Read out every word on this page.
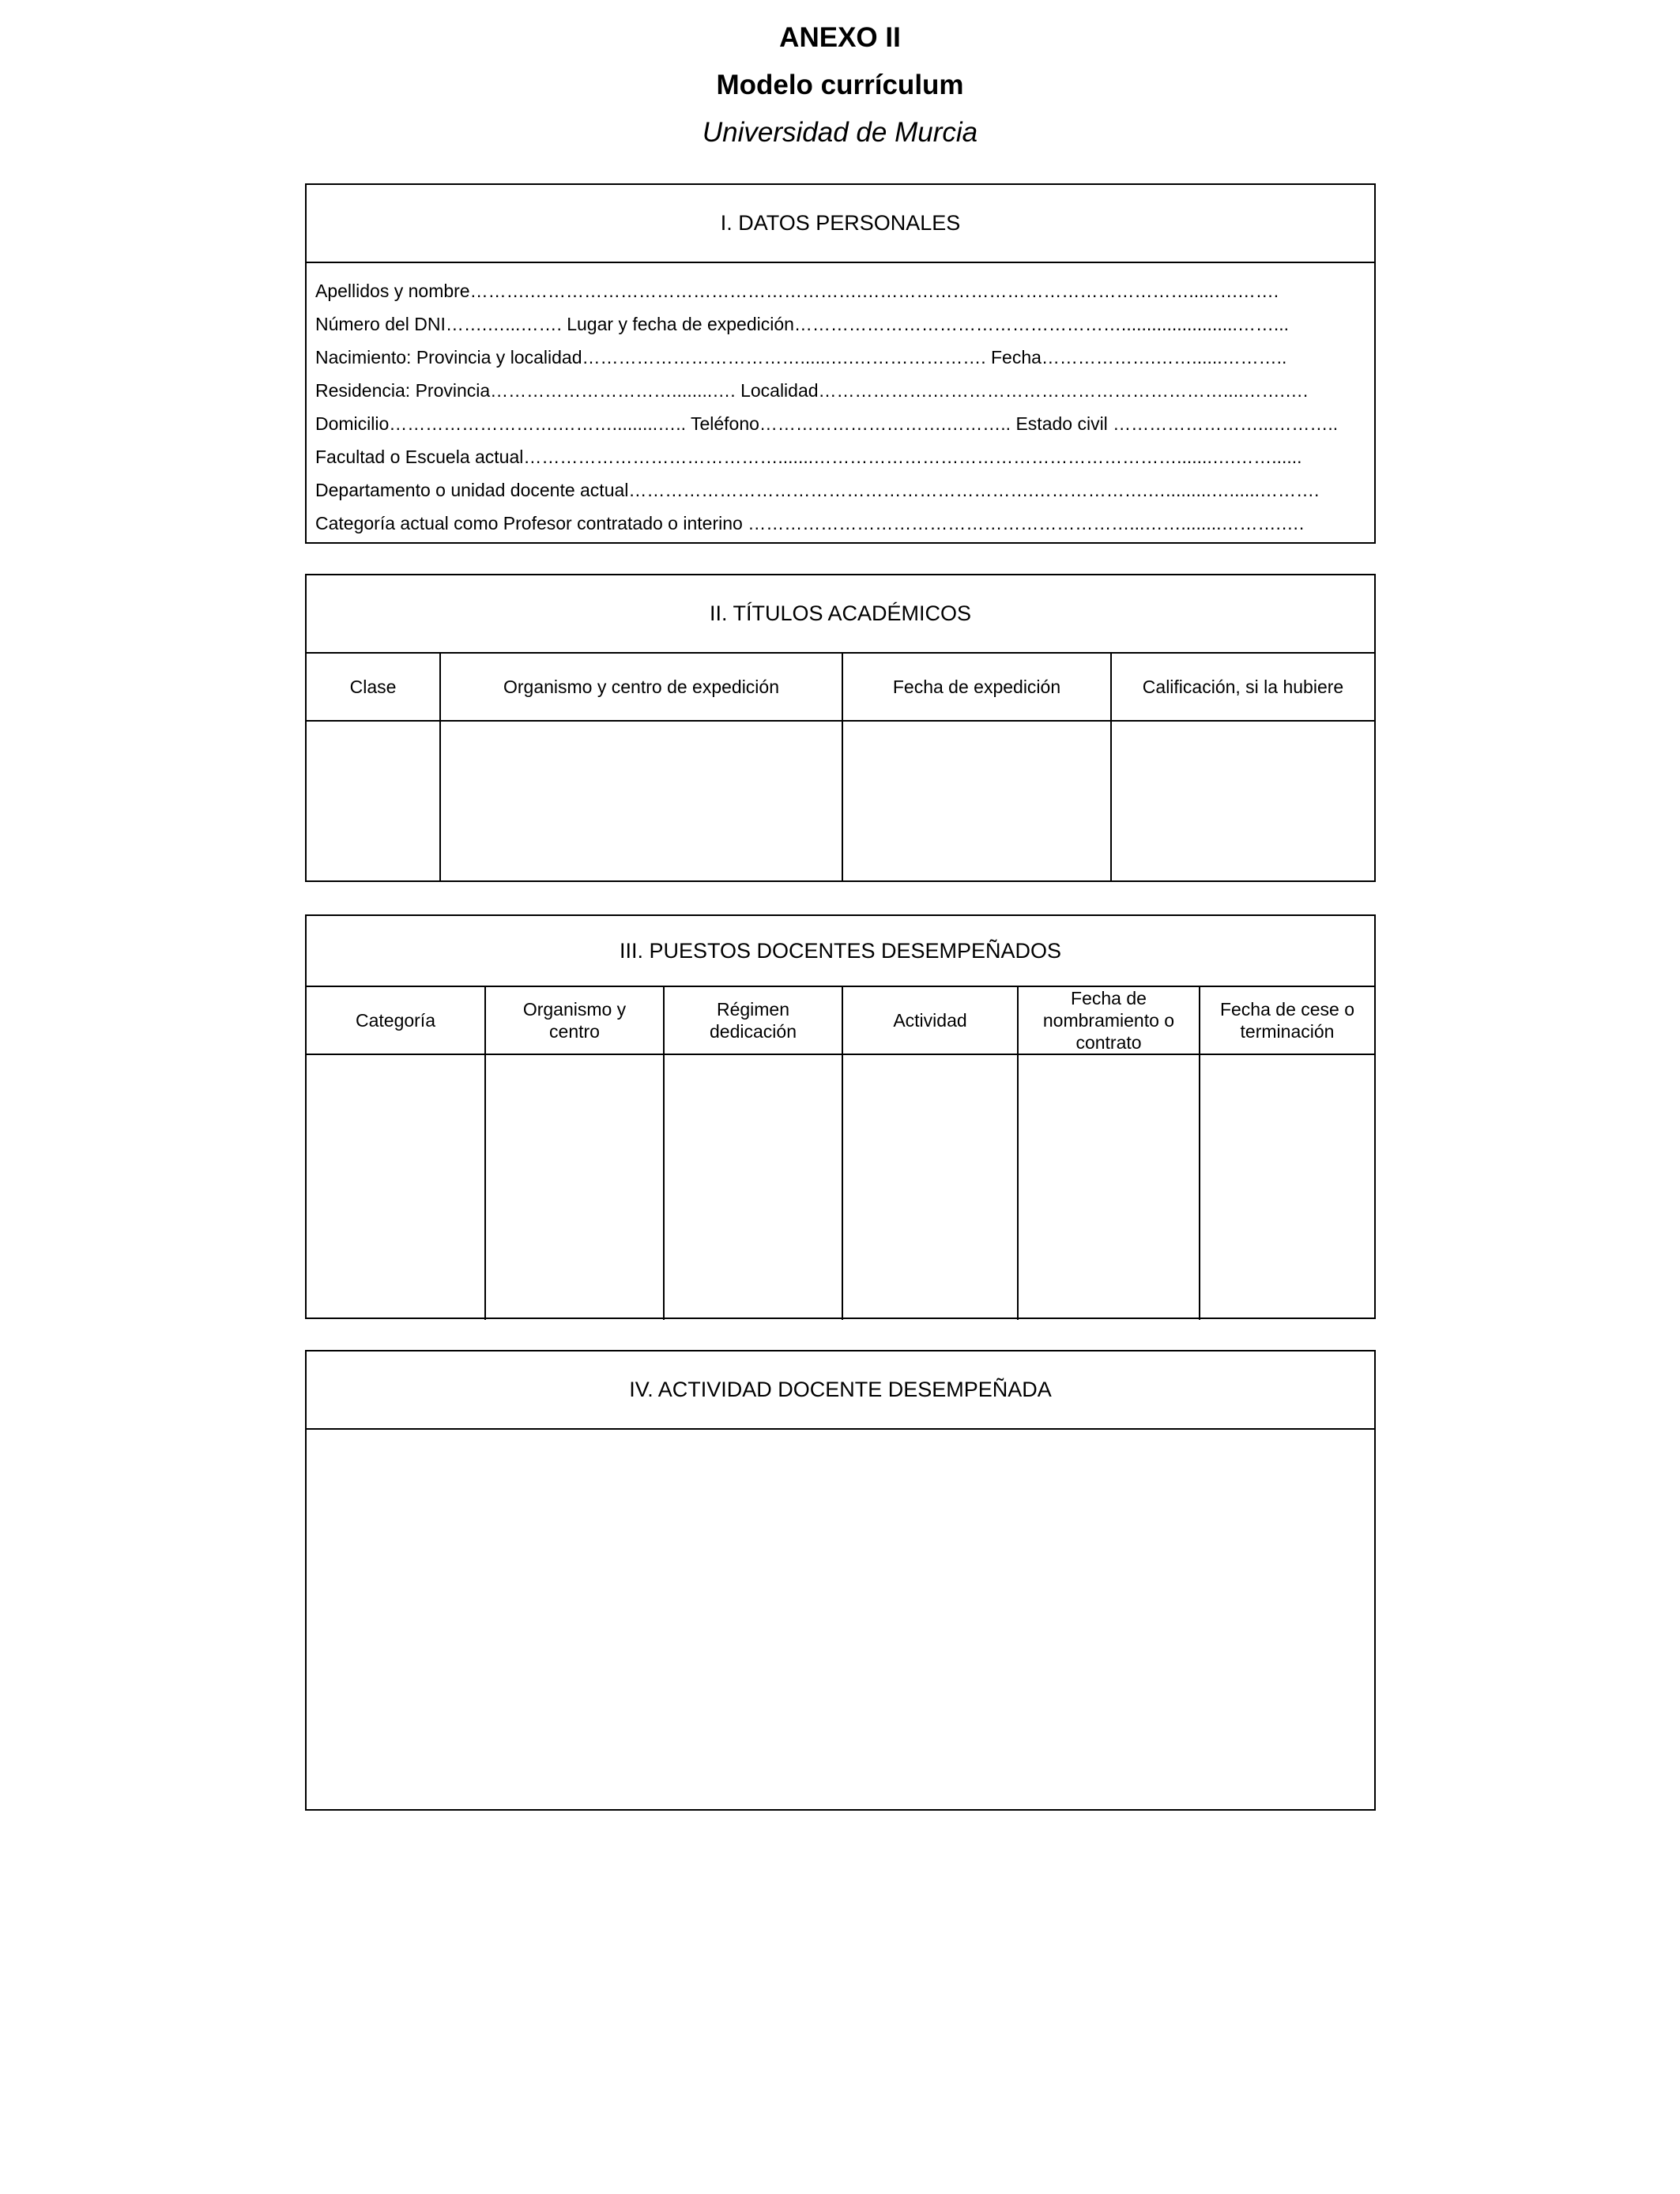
ANEXO II
Modelo currículum
Universidad de Murcia
I. DATOS PERSONALES
Apellidos y nombre……….……………………………………………….……………………………………………….....….…….
Número del DNI…….…...……. Lugar y fecha de expedición……………………………………………….......................……...
Nacimiento: Provincia y localidad………………………………......….…………………. Fecha……………….……......………..
Residencia: Provincia…………………………........…. Localidad……………….…………………………………………....…….….
Domicilio……………………….……….........….. Teléfono………………………….……….. Estado civil ……………………...………..
Facultad o Escuela actual…………………………………….......…………………………………………………….......….……......
Departamento o unidad docente actual………………………………………………………….……………….….........…......……….
Categoría actual como Profesor contratado o interino ………………………………………………………...……........……….….
II. TÍTULOS ACADÉMICOS
Clase	Organismo y centro de expedición	Fecha de expedición	Calificación, si la hubiere

III. PUESTOS DOCENTES DESEMPEÑADOS
Categoría	Organismo y centro	Régimen dedicación	Actividad	Fecha de nombramiento o contrato	Fecha de cese o terminación

IV. ACTIVIDAD DOCENTE DESEMPEÑADA
